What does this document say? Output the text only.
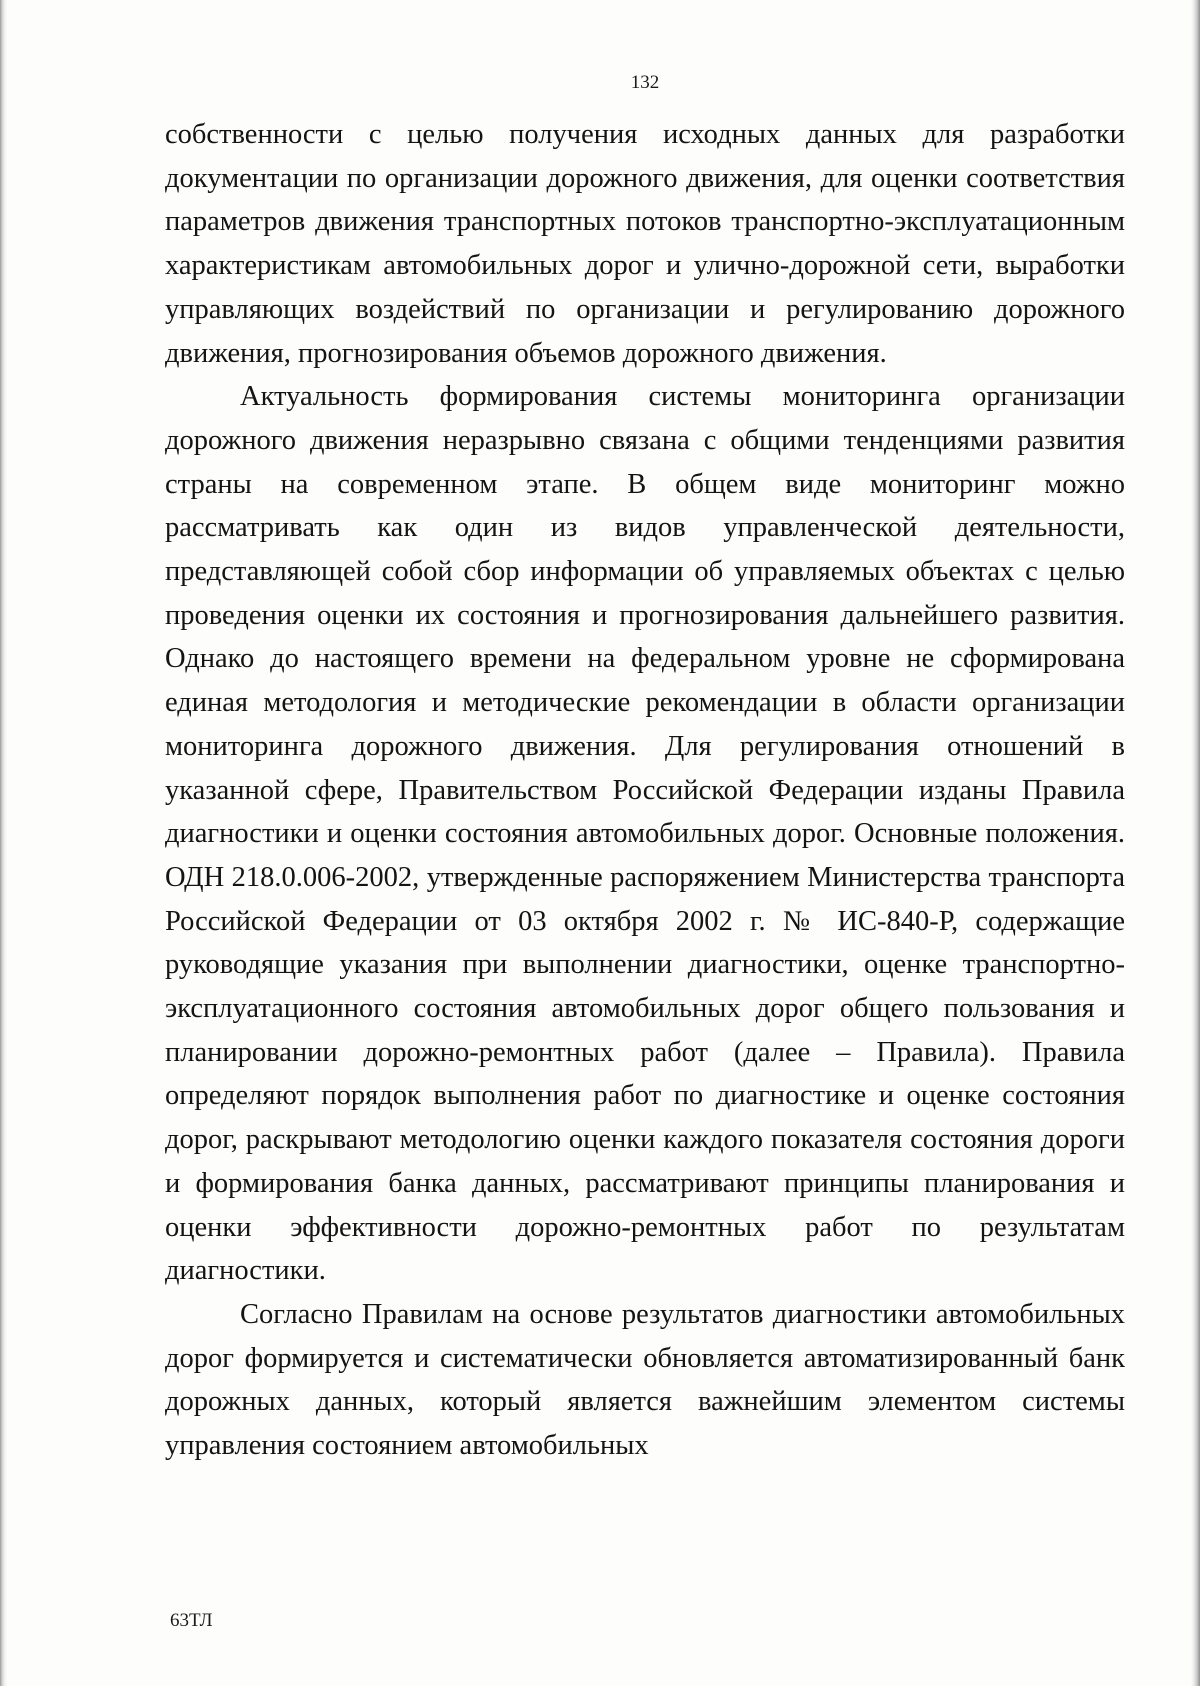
132

собственности с целью получения исходных данных для разработки документации по организации дорожного движения, для оценки соответствия параметров движения транспортных потоков транспортно-эксплуатационным характеристикам автомобильных дорог и улично-дорожной сети, выработки управляющих воздействий по организации и регулированию дорожного движения, прогнозирования объемов дорожного движения.

Актуальность формирования системы мониторинга организации дорожного движения неразрывно связана с общими тенденциями развития страны на современном этапе. В общем виде мониторинг можно рассматривать как один из видов управленческой деятельности, представляющей собой сбор информации об управляемых объектах с целью проведения оценки их состояния и прогнозирования дальнейшего развития. Однако до настоящего времени на федеральном уровне не сформирована единая методология и методические рекомендации в области организации мониторинга дорожного движения. Для регулирования отношений в указанной сфере, Правительством Российской Федерации изданы Правила диагностики и оценки состояния автомобильных дорог. Основные положения. ОДН 218.0.006-2002, утвержденные распоряжением Министерства транспорта Российской Федерации от 03 октября 2002 г. № ИС-840-Р, содержащие руководящие указания при выполнении диагностики, оценке транспортно-эксплуатационного состояния автомобильных дорог общего пользования и планировании дорожно-ремонтных работ (далее – Правила). Правила определяют порядок выполнения работ по диагностике и оценке состояния дорог, раскрывают методологию оценки каждого показателя состояния дороги и формирования банка данных, рассматривают принципы планирования и оценки эффективности дорожно-ремонтных работ по результатам диагностики.

Согласно Правилам на основе результатов диагностики автомобильных дорог формируется и систематически обновляется автоматизированный банк дорожных данных, который является важнейшим элементом системы управления состоянием автомобильных

63ТЛ
